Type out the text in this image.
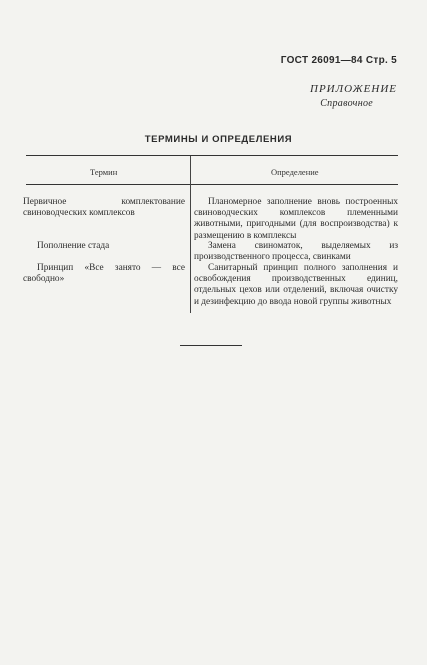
ГОСТ 26091—84 Стр. 5
ПРИЛОЖЕНИЕ
Справочное
ТЕРМИНЫ И ОПРЕДЕЛЕНИЯ
Термин	Определение
Первичное комплектование свиноводческих комплексов
Планомерное заполнение вновь построенных свиноводческих комплексов племенными животными, пригодными (для воспроизводства) к размещению в комплексы
Пополнение стада	Замена свиноматок, выделяемых из производственного процесса, свинками
Принцип «Все занято — все свободно»
Санитарный принцип полного заполнения и освобождения производственных единиц, отдельных цехов или отделений, включая очистку и дезинфекцию до ввода новой группы животных
